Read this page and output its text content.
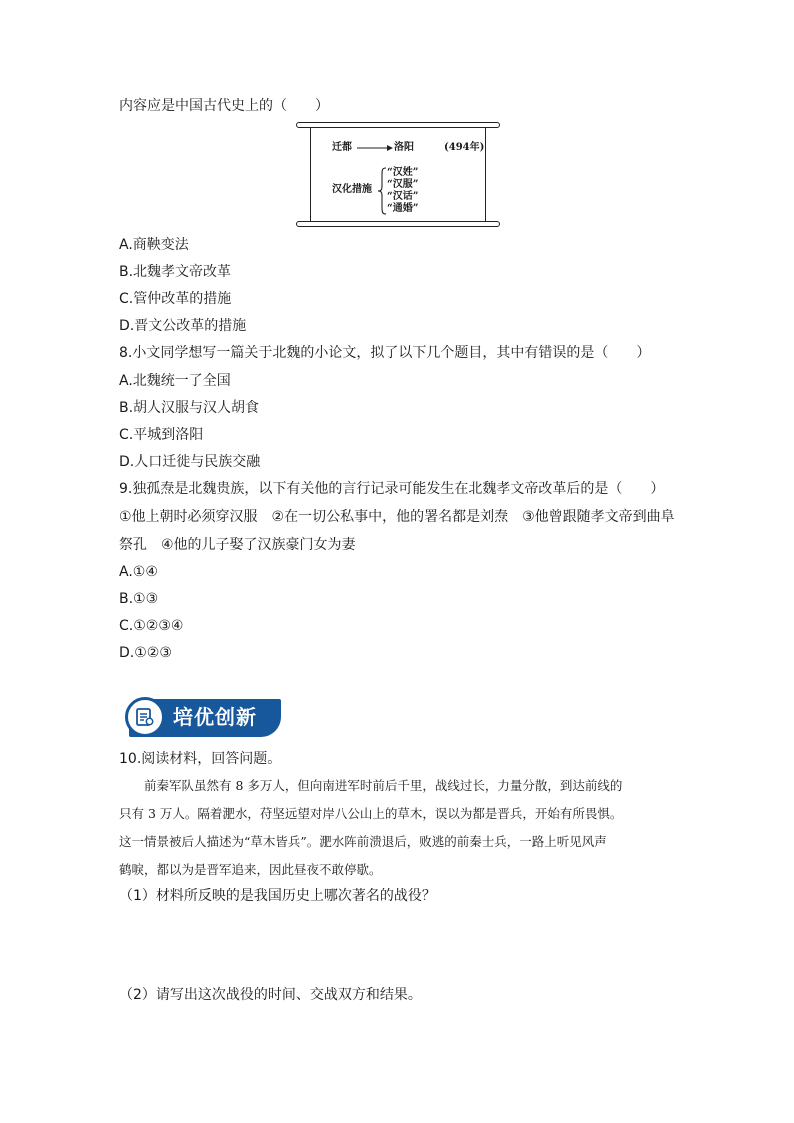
内容应是中国古代史上的（　　）
迁都	洛阳	(494年)
汉化措施
“汉姓”
“汉服”
“汉话”
“通婚”
A.商鞅变法
B.北魏孝文帝改革
C.管仲改革的措施
D.晋文公改革的措施
8.小文同学想写一篇关于北魏的小论文，拟了以下几个题目，其中有错误的是（　　）
A.北魏统一了全国
B.胡人汉服与汉人胡食
C.平城到洛阳
D.人口迁徙与民族交融
9.独孤焘是北魏贵族，以下有关他的言行记录可能发生在北魏孝文帝改革后的是（　　）
①他上朝时必须穿汉服　②在一切公私事中，他的署名都是刘焘　③他曾跟随孝文帝到曲阜
祭孔　④他的儿子娶了汉族豪门女为妻
A.①④
B.①③
C.①②③④
D.①②③
培优创新
10.阅读材料，回答问题。
　　前秦军队虽然有 8 多万人，但向南进军时前后千里，战线过长，力量分散，到达前线的
只有 3 万人。隔着淝水，苻坚远望对岸八公山上的草木，误以为都是晋兵，开始有所畏惧。
这一情景被后人描述为“草木皆兵”。淝水阵前溃退后，败逃的前秦士兵，一路上听见风声
鹤唳，都以为是晋军追来，因此昼夜不敢停歇。
（1）材料所反映的是我国历史上哪次著名的战役？
（2）请写出这次战役的时间、交战双方和结果。
